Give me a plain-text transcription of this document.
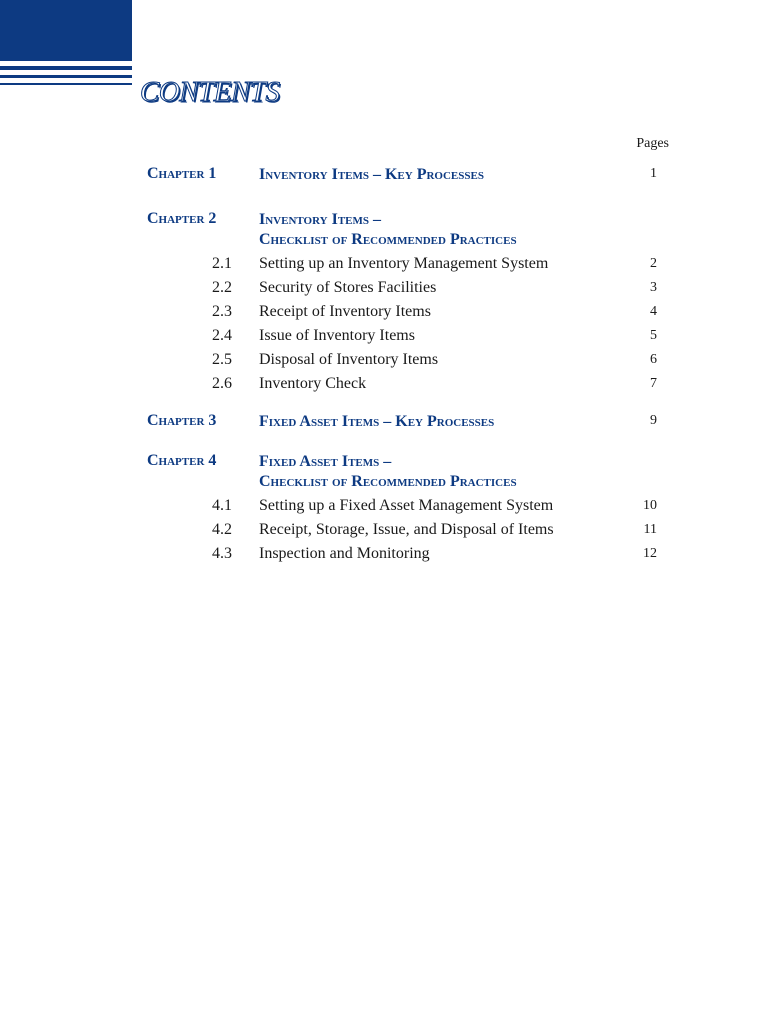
CONTENTS
Pages
Chapter 1	Inventory Items – Key Processes	1
Chapter 2	Inventory Items –
Checklist of Recommended Practices
2.1 Setting up an Inventory Management System	2
2.2 Security of Stores Facilities	3
2.3 Receipt of Inventory Items	4
2.4 Issue of Inventory Items	5
2.5 Disposal of Inventory Items	6
2.6 Inventory Check	7
Chapter 3	Fixed Asset Items – Key Processes	9
Chapter 4	Fixed Asset Items –
Checklist of Recommended Practices
4.1 Setting up a Fixed Asset Management System	10
4.2 Receipt, Storage, Issue, and Disposal of Items	11
4.3 Inspection and Monitoring	12
